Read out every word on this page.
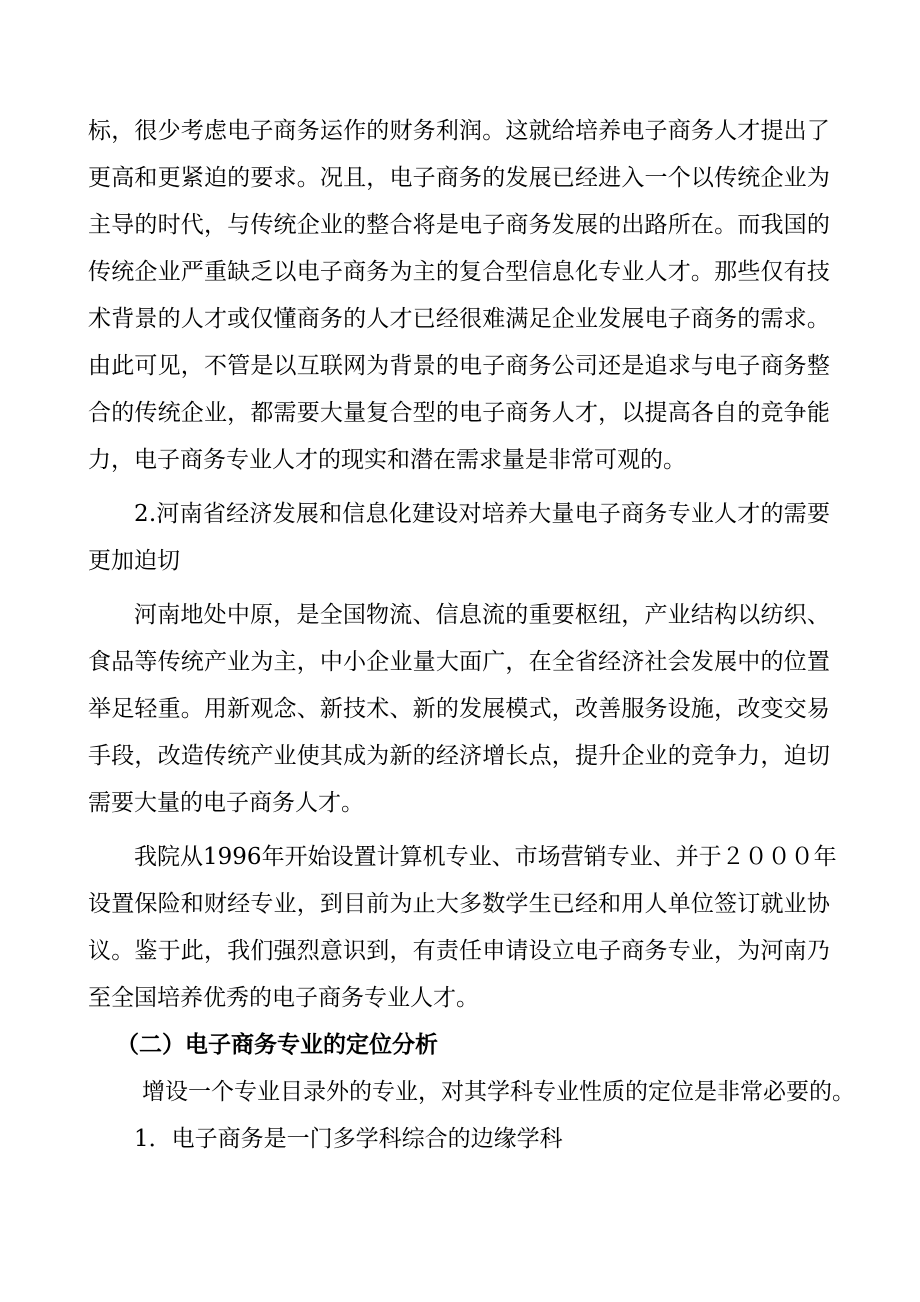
标 ， 很 少 考 虑 电 子 商 务 运 作 的 财 务 利 润 。 这 就 给 培 养 电 子 商 务 人 才 提 出 了
更 高 和 更 紧 迫 的 要 求 。 况 且 ， 电 子 商 务 的 发 展 已 经 进 入 一 个 以 传 统 企 业 为
主 导 的 时 代 ， 与 传 统 企 业 的 整 合 将 是 电 子 商 务 发 展 的 出 路 所 在 。 而 我 国 的
传 统 企 业 严 重 缺 乏 以 电 子 商 务 为 主 的 复 合 型 信 息 化 专 业 人 才 。 那 些 仅 有 技
术 背 景 的 人 才 或 仅 懂 商 务 的 人 才 已 经 很 难 满 足 企 业 发 展 电 子 商 务 的 需 求 。
由 此 可 见 ， 不 管 是 以 互 联 网 为 背 景 的 电 子 商 务 公 司 还 是 追 求 与 电 子 商 务 整
合 的 传 统 企 业 ， 都 需 要 大 量 复 合 型 的 电 子 商 务 人 才 ， 以 提 高 各 自 的 竞 争 能
力，电子商务专业人才的现实和潜在需求量是非常可观的。
2 . 河 南 省 经 济 发 展 和 信 息 化 建 设 对 培 养 大 量 电 子 商 务 专 业 人 才 的 需 要
更加迫切
河 南 地 处 中 原 ， 是 全 国 物 流 、 信 息 流 的 重 要 枢 纽 ， 产 业 结 构 以 纺 织 、
食 品 等 传 统 产 业 为 主 ， 中 小 企 业 量 大 面 广 ， 在 全 省 经 济 社 会 发 展 中 的 位 置
举 足 轻 重 。 用 新 观 念 、 新 技 术 、 新 的 发 展 模 式 ， 改 善 服 务 设 施 ， 改 变 交 易
手 段 ， 改 造 传 统 产 业 使 其 成 为 新 的 经 济 增 长 点 ， 提 升 企 业 的 竞 争 力 ， 迫 切
需要大量的电子商务人才。
我 院 从 1 9 9 6 年 开 始 设 置 计 算 机 专 业 、 市 场 营 销 专 业 、 并 于 ２ ０ ０ ０ 年
设 置 保 险 和 财 经 专 业 ， 到 目 前 为 止 大 多 数 学 生 已 经 和 用 人 单 位 签 订 就 业 协
议 。 鉴 于 此 ， 我 们 强 烈 意 识 到 ， 有 责 任 申 请 设 立 电 子 商 务 专 业 ， 为 河 南 乃
至全国培养优秀的电子商务专业人才。
（二）电子商务专业的定位分析
增设一个专业目录外的专业，对其学科专业性质的定位是非常必要的。
1．电子商务是一门多学科综合的边缘学科
